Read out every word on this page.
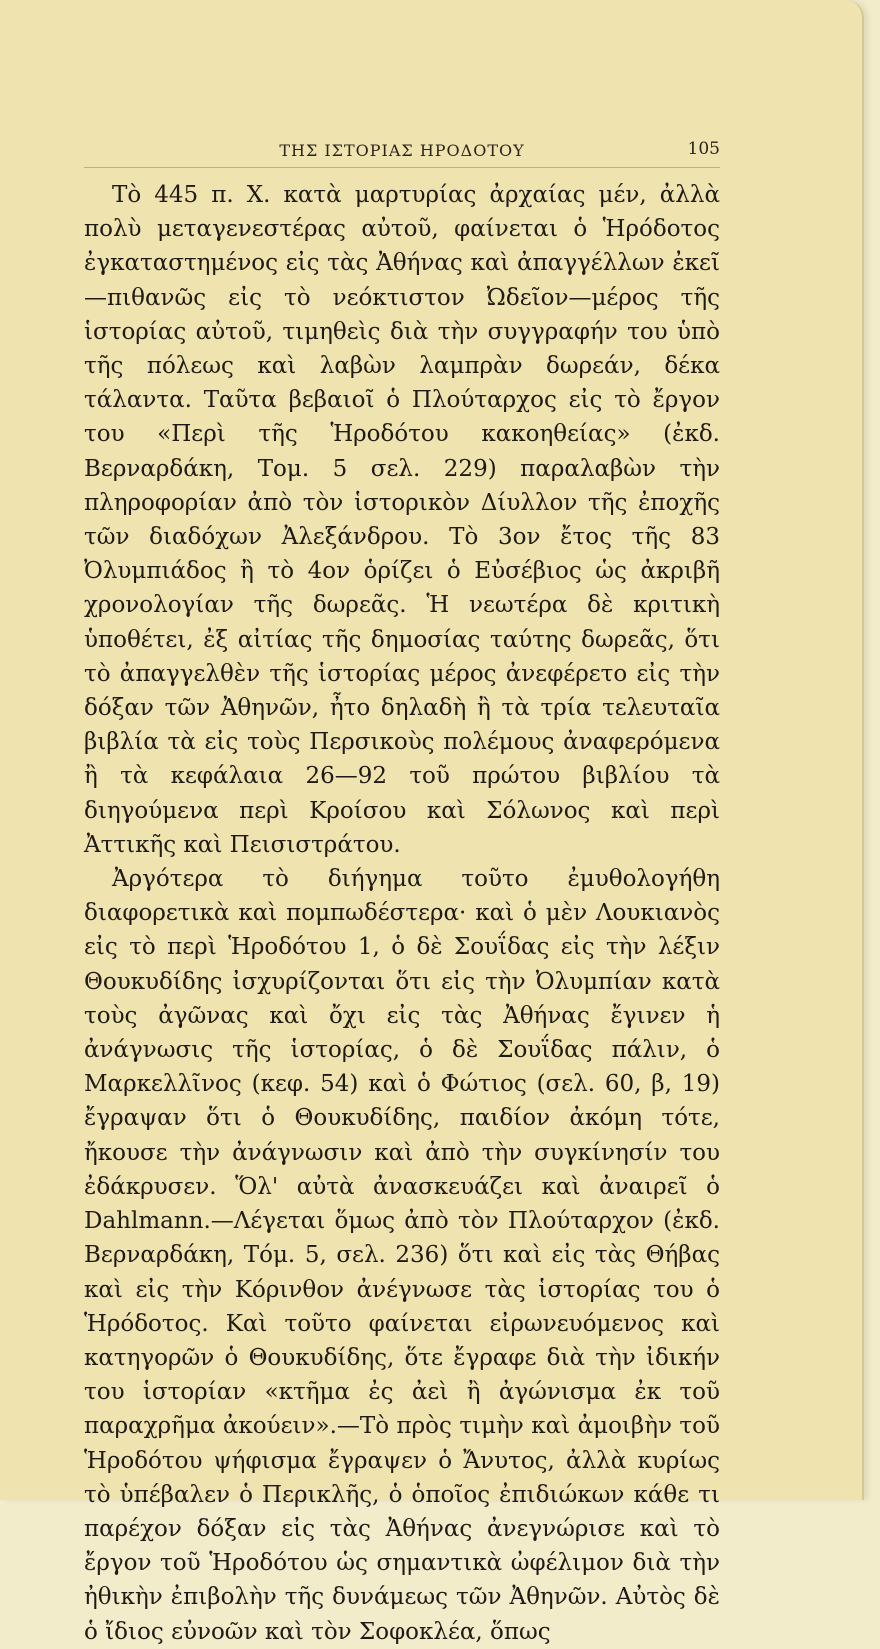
ΤΗΣ ΙΣΤΟΡΙΑΣ ΗΡΟΔΟΤΟΥ	105

Τὸ 445 π. Χ. κατὰ μαρτυρίας ἀρχαίας μέν, ἀλλὰ πολὺ μεταγενεστέρας αὐτοῦ, φαίνεται ὁ Ἡρόδοτος ἐγκαταστημένος εἰς τὰς Ἀθήνας καὶ ἀπαγγέλλων ἐκεῖ—πιθανῶς εἰς τὸ νεόκτιστον Ὠδεῖον—μέρος τῆς ἱστορίας αὐτοῦ, τιμηθεὶς διὰ τὴν συγγραφήν του ὑπὸ τῆς πόλεως καὶ λαβὼν λαμπρὰν δωρεάν, δέκα τάλαντα. Ταῦτα βεβαιοῖ ὁ Πλούταρχος εἰς τὸ ἔργον του «Περὶ τῆς Ἡροδότου κακοηθείας» (ἐκδ. Βερναρδάκη, Τομ. 5 σελ. 229) παραλαβὼν τὴν πληροφορίαν ἀπὸ τὸν ἱστορικὸν Δίυλλον τῆς ἐποχῆς τῶν διαδόχων Ἀλεξάνδρου. Τὸ 3ον ἔτος τῆς 83 Ὀλυμπιάδος ἢ τὸ 4ον ὁρίζει ὁ Εὐσέβιος ὡς ἀκριβῆ χρονολογίαν τῆς δωρεᾶς. Ἡ νεωτέρα δὲ κριτικὴ ὑποθέτει, ἐξ αἰτίας τῆς δημοσίας ταύτης δωρεᾶς, ὅτι τὸ ἀπαγγελθὲν τῆς ἱστορίας μέρος ἀνεφέρετο εἰς τὴν δόξαν τῶν Ἀθηνῶν, ἦτο δηλαδὴ ἢ τὰ τρία τελευταῖα βιβλία τὰ εἰς τοὺς Περσικοὺς πολέμους ἀναφερόμενα ἢ τὰ κεφάλαια 26—92 τοῦ πρώτου βιβλίου τὰ διηγούμενα περὶ Κροίσου καὶ Σόλωνος καὶ περὶ Ἀττικῆς καὶ Πεισιστράτου.

Ἀργότερα τὸ διήγημα τοῦτο ἐμυθολογήθη διαφορετικὰ καὶ πομπωδέστερα· καὶ ὁ μὲν Λουκιανὸς εἰς τὸ περὶ Ἡροδότου 1, ὁ δὲ Σουΐδας εἰς τὴν λέξιν Θουκυδίδης ἰσχυρίζονται ὅτι εἰς τὴν Ὀλυμπίαν κατὰ τοὺς ἀγῶνας καὶ ὄχι εἰς τὰς Ἀθήνας ἔγινεν ἡ ἀνάγνωσις τῆς ἱστορίας, ὁ δὲ Σουΐδας πάλιν, ὁ Μαρκελλῖνος (κεφ. 54) καὶ ὁ Φώτιος (σελ. 60, β, 19) ἔγραψαν ὅτι ὁ Θουκυδίδης, παιδίον ἀκόμη τότε, ἤκουσε τὴν ἀνάγνωσιν καὶ ἀπὸ τὴν συγκίνησίν του ἐδάκρυσεν. Ὅλ' αὐτὰ ἀνασκευάζει καὶ ἀναιρεῖ ὁ Dahlmann.—Λέγεται ὅμως ἀπὸ τὸν Πλούταρχον (ἐκδ. Βερναρδάκη, Τόμ. 5, σελ. 236) ὅτι καὶ εἰς τὰς Θήβας καὶ εἰς τὴν Κόρινθον ἀνέγνωσε τὰς ἱστορίας του ὁ Ἡρόδοτος. Καὶ τοῦτο φαίνεται εἰρωνευόμενος καὶ κατηγορῶν ὁ Θουκυδίδης, ὅτε ἔγραφε διὰ τὴν ἰδικήν του ἱστορίαν «κτῆμα ἐς ἀεὶ ἢ ἀγώνισμα ἐκ τοῦ παραχρῆμα ἀκούειν».—Τὸ πρὸς τιμὴν καὶ ἀμοιβὴν τοῦ Ἡροδότου ψήφισμα ἔγραψεν ὁ Ἄνυτος, ἀλλὰ κυρίως τὸ ὑπέβαλεν ὁ Περικλῆς, ὁ ὁποῖος ἐπιδιώκων κάθε τι παρέχον δόξαν εἰς τὰς Ἀθήνας ἀνεγνώρισε καὶ τὸ ἔργον τοῦ Ἡροδότου ὡς σημαντικὰ ὠφέλιμον διὰ τὴν ἠθικὴν ἐπιβολὴν τῆς δυνάμεως τῶν Ἀθηνῶν. Αὐτὸς δὲ ὁ ἴδιος εὐνοῶν καὶ τὸν Σοφοκλέα, ὅπως
